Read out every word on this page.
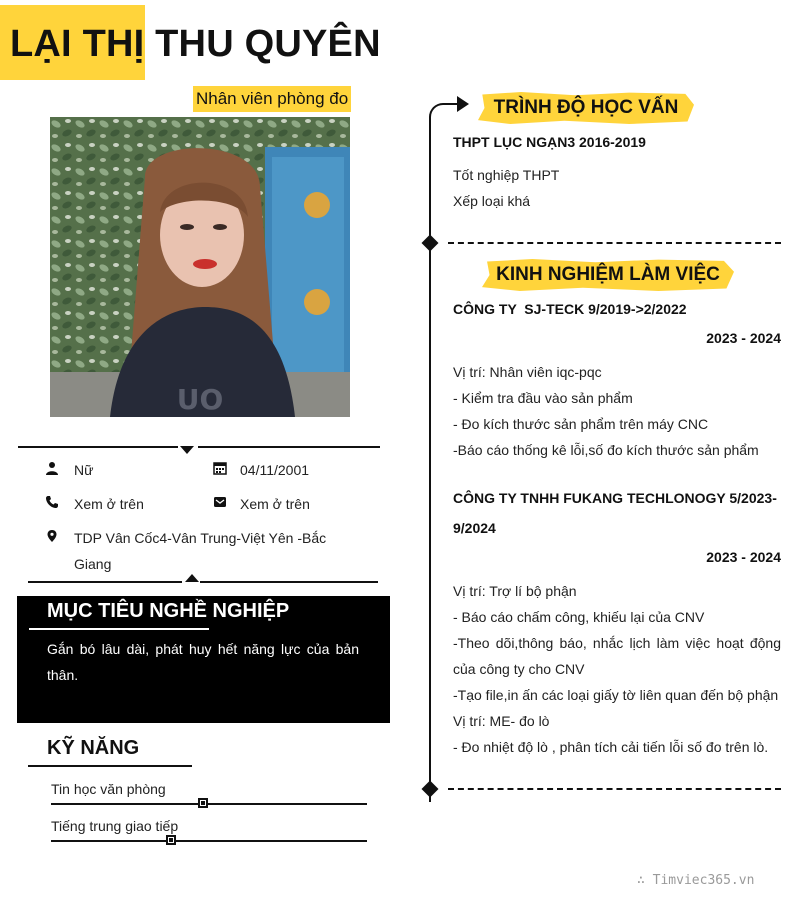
LẠI THỊ THU QUYÊN
Nhân viên phòng đo
UO
Nữ	04/11/2001
Xem ở trên	Xem ở trên
TDP Vân Cốc4-Vân Trung-Việt Yên -Bắc Giang
MỤC TIÊU NGHỀ NGHIỆP
Gắn bó lâu dài, phát huy hết năng lực của bản thân.
KỸ NĂNG
Tin học văn phòng
Tiếng trung giao tiếp
TRÌNH ĐỘ HỌC VẤN
THPT LỤC NGẠN3 2016-2019
Tốt nghiệp THPT
Xếp loại khá
KINH NGHIỆM LÀM VIỆC
CÔNG TY  SJ-TECK 9/2019->2/2022
2023 - 2024
Vị trí: Nhân viên iqc-pqc
- Kiểm tra đầu vào sản phẩm
- Đo kích thước sản phẩm trên máy CNC
-Báo cáo thống kê lỗi,số đo kích thước sản phẩm
CÔNG TY TNHH FUKANG TECHLONOGY 5/2023-9/2024
2023 - 2024
Vị trí: Trợ lí bộ phận
- Báo cáo chấm công, khiếu lại của CNV
-Theo dõi,thông báo, nhắc lịch làm việc hoạt động của công ty cho CNV
-Tạo file,in ấn các loại giấy tờ liên quan đến bộ phận
Vị trí: ME- đo lò
- Đo nhiệt độ lò , phân tích cải tiến lỗi số đo trên lò.
∴ Timviec365.vn
